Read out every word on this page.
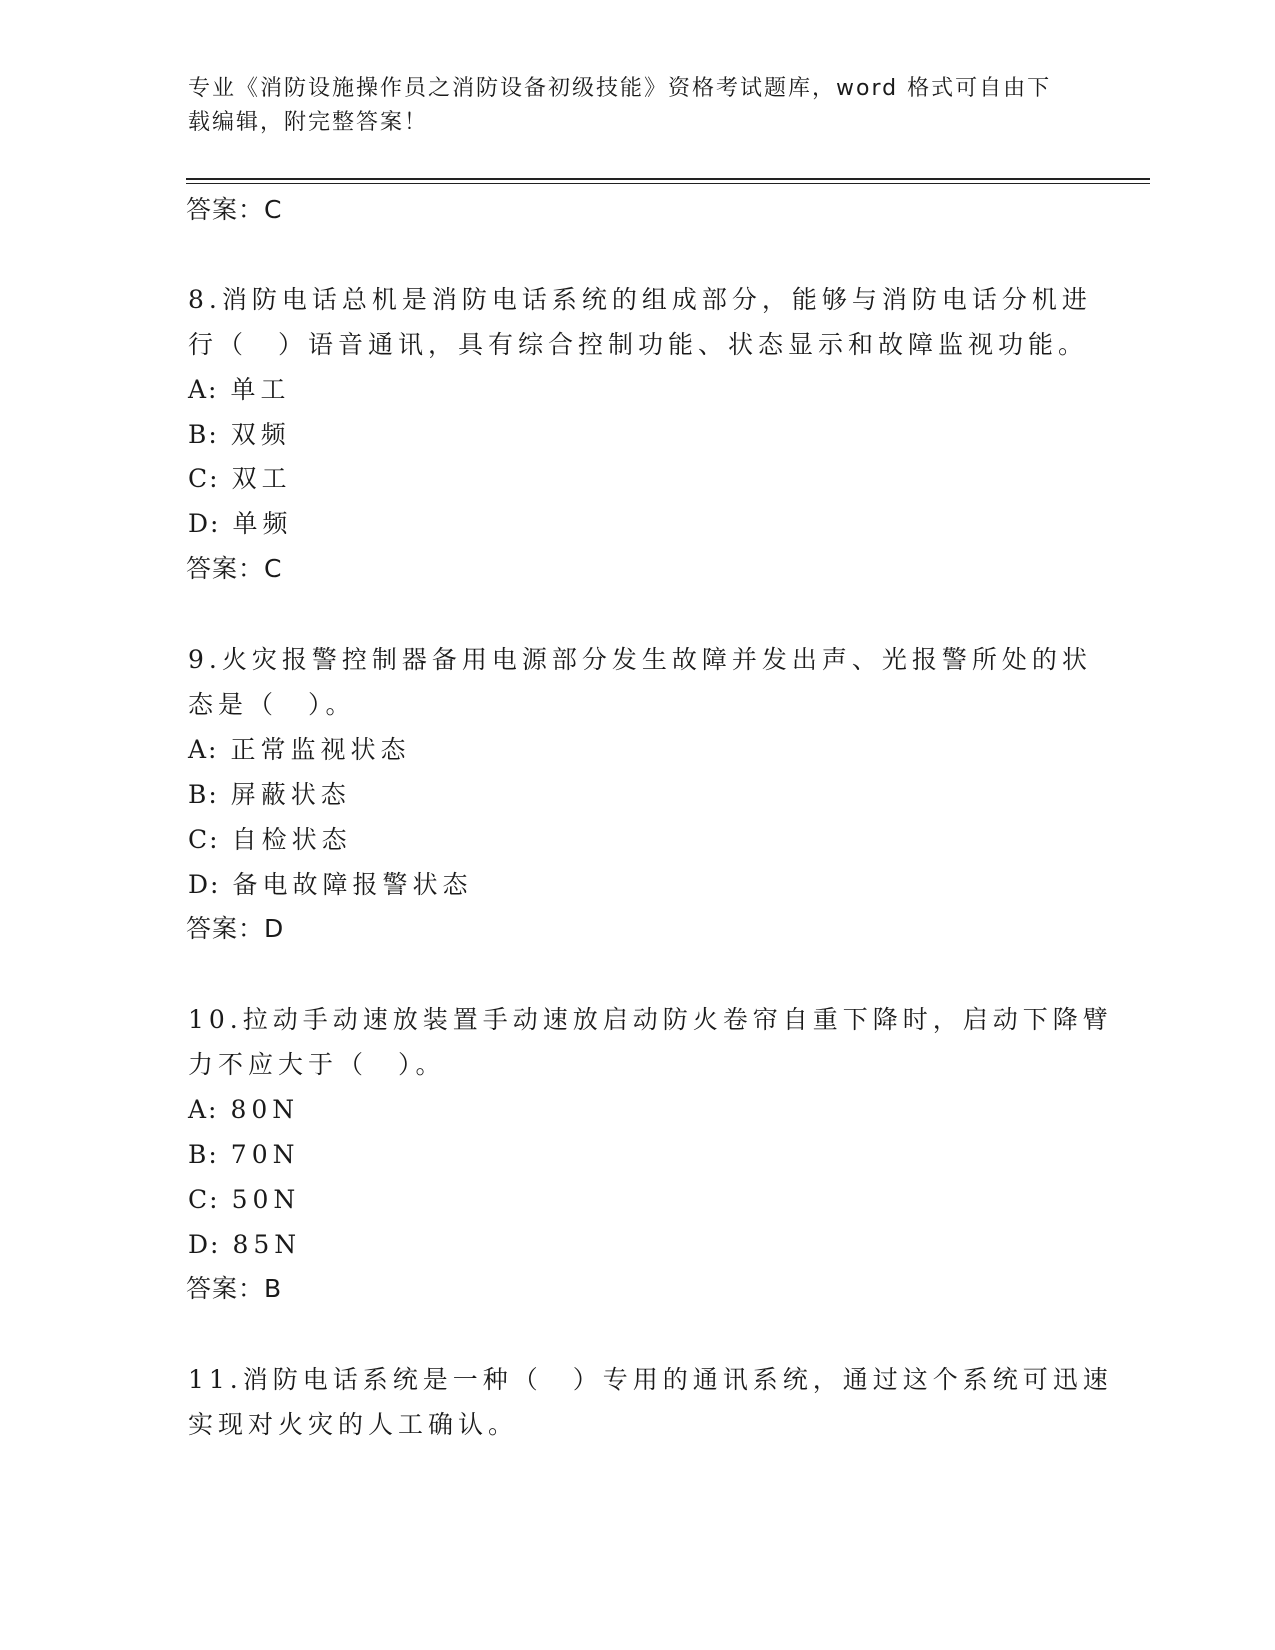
专业《消防设施操作员之消防设备初级技能》资格考试题库，word 格式可自由下载编辑，附完整答案！
答案：C
8.消防电话总机是消防电话系统的组成部分，能够与消防电话分机进
行（　）语音通讯，具有综合控制功能、状态显示和故障监视功能。
A: 单工
B: 双频
C: 双工
D: 单频
答案：C
9.火灾报警控制器备用电源部分发生故障并发出声、光报警所处的状
态是（　）。
A: 正常监视状态
B: 屏蔽状态
C: 自检状态
D: 备电故障报警状态
答案：D
10.拉动手动速放装置手动速放启动防火卷帘自重下降时，启动下降臂
力不应大于（　）。
A: 80N
B: 70N
C: 50N
D: 85N
答案：B
11.消防电话系统是一种（　）专用的通讯系统，通过这个系统可迅速
实现对火灾的人工确认。
